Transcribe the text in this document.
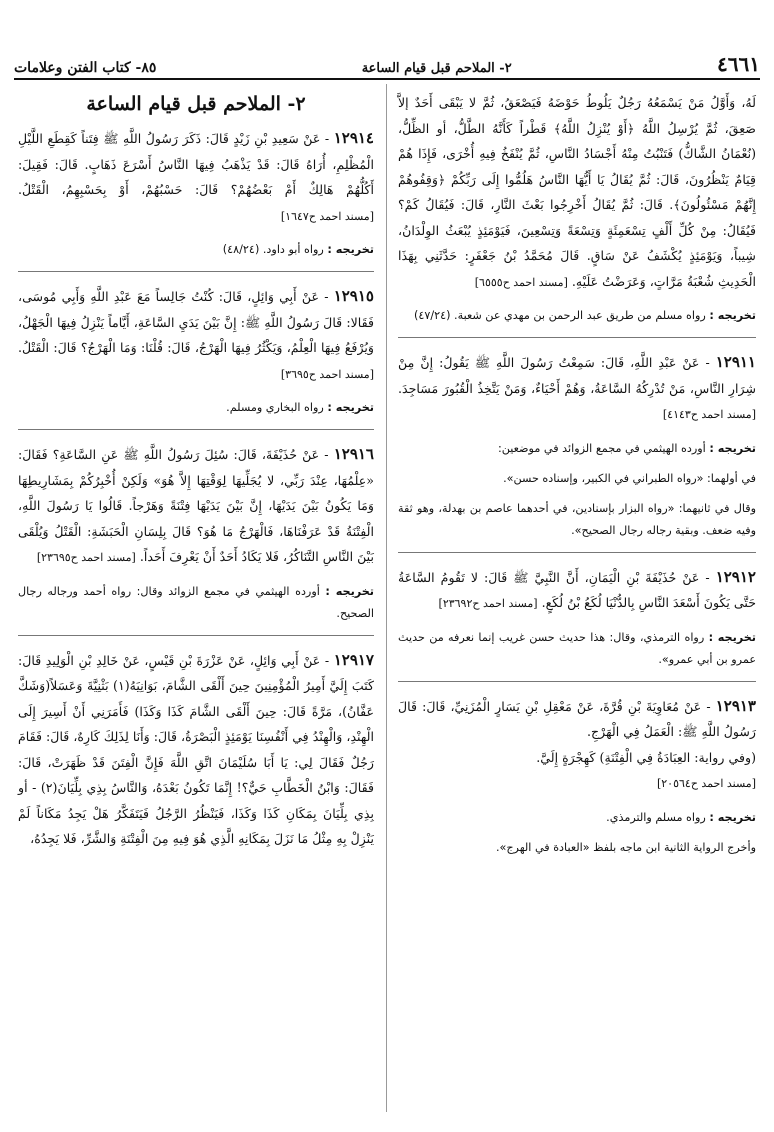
٤٦٦١
٢- الملاحم قبل قيام الساعة
٨٥- كتاب الفتن وعلامات
لَهُ، وَأَوَّلُ مَنْ يَسْمَعُهُ رَجُلٌ يَلُوطُ حَوْضَهُ فَيَصْعَقُ، ثُمَّ لا يَبْقَى أَحَدٌ إلاَّ صَعِقَ، ثُمَّ يُرْسِلُ اللَّهُ ﴿أَوْ يُنْزِلُ اللَّهُ﴾ قَطْراً كَأَنَّهُ الطَّلُّ، أو الظِّلُّ، (نُعْمَانُ الشَّاكُّ) فَتَنْبُتُ مِنْهُ أَجْسَادُ النَّاسِ، ثُمَّ يُنْفَخُ فِيهِ أُخْرَى، فَإِذَا هُمْ قِيَامٌ يَنْظُرُونَ، قَالَ: ثُمَّ يُقَالُ يَا أَيُّهَا النَّاسُ هَلُمُّوا إِلَى رَبِّكُمْ ﴿وَقِفُوهُمْ إِنَّهُمْ مَسْئُولُونَ﴾. قَالَ: ثُمَّ يُقَالُ أَخْرِجُوا بَعْثَ النَّارِ، قَالَ: فَيُقَالُ كَمْ؟ فَيُقَالُ: مِنْ كُلِّ أَلْفٍ تِسْعَمِئَةٍ وَتِسْعَةً وَتِسْعِينَ، فَيَوْمَئِذٍ يُبْعَثُ الوِلْدَانُ، شِيباً، وَيَوْمَئِذٍ يُكْشَفُ عَنْ سَاقٍ. قَالَ مُحَمَّدُ بْنُ جَعْفَرٍ: حَدَّثَنِي بِهَذَا الْحَدِيثِ شُعْبَةُ مَرَّاتٍ، وَعَرَضْتُ عَلَيْهِ. [مسند احمد ح٦٥٥٥]
تخريجه : رواه مسلم من طريق عبد الرحمن بن مهدي عن شعبة. (٤٧/٢٤)
١٢٩١١ - عَنْ عَبْدِ اللَّهِ، قَالَ: سَمِعْتُ رَسُولَ اللَّهِ ﷺ يَقُولُ: إِنَّ مِنْ شِرَارِ النَّاسِ، مَنْ تُدْرِكُهُ السَّاعَةُ، وَهُمْ أَحْيَاءٌ، وَمَنْ يَتَّخِذُ الْقُبُورَ مَسَاجِدَ. [مسند احمد ح٤١٤٣]

تخريجه : أورده الهيثمي في مجمع الزوائد في موضعين:

في أولهما: «رواه الطبراني في الكبير، وإسناده حسن».

وقال في ثانيهما: «رواه البزار بإسنادين، في أحدهما عاصم بن بهدلة، وهو ثقة وفيه ضعف. وبقية رجاله رجال الصحيح».

١٢٩١٢ - عَنْ حُذَيْفَةَ بْنِ الْيَمَانِ، أَنَّ النَّبِيَّ ﷺ قَالَ: لا تَقُومُ السَّاعَةُ حَتَّى يَكُونَ أَسْعَدَ النَّاسِ بِالدُّنْيَا لُكَعُ بْنُ لُكَعٍ. [مسند احمد ح٢٣٦٩٢]
تخريجه : رواه الترمذي، وقال: هذا حديث حسن غريب إنما نعرفه من حديث عمرو بن أبي عمرو».
١٢٩١٣ - عَنْ مُعَاوِيَةَ بْنِ قُرَّةَ، عَنْ مَعْقِلِ بْنِ يَسَارٍ الْمُزَنِيِّ، قَالَ: قَالَ رَسُولُ اللَّهِ ﷺ: الْعَمَلُ فِي الْهَرْجِ.
(وفي رواية: العِبَادَةُ فِي الْفِتْنَةِ) كَهِجْرَةٍ إِلَيَّ.
[مسند احمد ح٢٠٥٦٤]

تخريجه : رواه مسلم والترمذي.

وأخرج الرواية الثانية ابن ماجه بلفظ «العبادة في الهرج».

٢- الملاحم قبل قيام الساعة
١٢٩١٤ - عَنْ سَعِيدِ بْنِ زَيْدٍ قَالَ: ذَكَرَ رَسُولُ اللَّهِ ﷺ فِتَناً كَقِطَعِ اللَّيْلِ الْمُظْلِمِ، أُرَاهُ قَالَ: قَدْ يَذْهَبُ فِيهَا النَّاسُ أَسْرَعَ ذَهَابٍ. قَالَ: فَقِيلَ: أَكُلُّهُمْ هَالِكٌ أَمْ بَعْضُهُمْ؟ قَالَ: حَسْبُهُمْ، أَوْ بِحَسْبِهِمُ، الْقَتْلُ. [مسند احمد ح١٦٤٧]
تخريجه : رواه أبو داود. (٤٨/٢٤)
١٢٩١٥ - عَنْ أَبِي وَائِلٍ، قَالَ: كُنْتُ جَالِساً مَعَ عَبْدِ اللَّهِ وَأَبِي مُوسَى، فَقَالا: قَالَ رَسُولُ اللَّهِ ﷺ: إِنَّ بَيْنَ يَدَيِ السَّاعَةِ، أَيَّاماً يَنْزِلُ فِيهَا الْجَهْلُ، وَيُرْفَعُ فِيهَا الْعِلْمُ، وَيَكْثُرُ فِيهَا الْهَرْجُ، قَالَ: قُلْنَا: وَمَا الْهَرْجُ؟ قَالَ: الْقَتْلُ. [مسند احمد ح٣٦٩٥]
تخريجه : رواه البخاري ومسلم.
١٢٩١٦ - عَنْ حُذَيْفَةَ، قَالَ: سُئِلَ رَسُولُ اللَّهِ ﷺ عَنِ السَّاعَةِ؟ فَقَالَ: «عِلْمُهَا، عِنْدَ رَبِّي، لا يُجَلِّيهَا لِوَقْتِهَا إِلاَّ هُوَ» وَلَكِنْ أُخْبِرُكُمْ بِمَشَارِيطِهَا وَمَا يَكُونُ بَيْنَ يَدَيْهَا، إِنَّ بَيْنَ يَدَيْهَا فِتْنَةً وَهَرْجاً. قَالُوا يَا رَسُولَ اللَّهِ، الْفِتْنَةُ قَدْ عَرَفْنَاهَا، فَالْهَرْجُ مَا هُوَ؟ قَالَ بِلِسَانِ الْحَبَشَةِ: الْقَتْلُ وَيُلْقَى بَيْنَ النَّاسِ التَّنَاكُرُ، فَلا يَكَادُ أَحَدٌ أَنْ يَعْرِفَ أَحَداً. [مسند احمد ح٢٣٦٩٥]
تخريجه : أورده الهيثمي في مجمع الزوائد وقال: رواه أحمد ورجاله رجال الصحيح.
١٢٩١٧ - عَنْ أَبِي وَائِلٍ، عَنْ عَزْرَةَ بْنِ قَيْسٍ، عَنْ خَالِدِ بْنِ الْوَلِيدِ قَالَ: كَتَبَ إِلَيَّ أَمِيرُ الْمُؤْمِنِينَ حِينَ أَلْقَى الشَّامَ، بَوَانِيَهُ(١) بَثْنِيَّةَ وَعَسَلاً(وَشَكَّ عَفَّانُ)، مَرَّةً قَالَ: حِينَ أَلْقَى الشَّامَ كَذَا وَكَذَا) فَأَمَرَنِي أَنْ أَسِيرَ إِلَى الْهِنْدِ، وَالْهِنْدُ فِي أَنْفُسِنَا يَوْمَئِذٍ الْبَصْرَةُ، قَالَ: وَأَنَا لِذَلِكَ كَارِهٌ، قَالَ: فَقَامَ رَجُلٌ فَقَالَ لِي: يَا أَبَا سُلَيْمَانَ اتَّقِ اللَّهَ فَإِنَّ الْفِتَنَ قَدْ ظَهَرَتْ، قَالَ: فَقَالَ: وَابْنُ الْخَطَّابِ حَيٌّ؟! إِنَّمَا تَكُونُ بَعْدَهُ، وَالنَّاسُ بِذِي بِلِّيَانَ(٢) - أو بِذِي بِلِّيَانَ بِمَكَانِ كَذَا وَكَذَا، فَيَنْظُرُ الرَّجُلُ فَيَتَفَكَّرُ هَلْ يَجِدُ مَكَاناً لَمْ يَنْزِلْ بِهِ مِثْلُ مَا نَزَلَ بِمَكَانِهِ الَّذِي هُوَ فِيهِ مِنَ الْفِتْنَةِ وَالشَّرِّ، فَلا يَجِدُهُ،
